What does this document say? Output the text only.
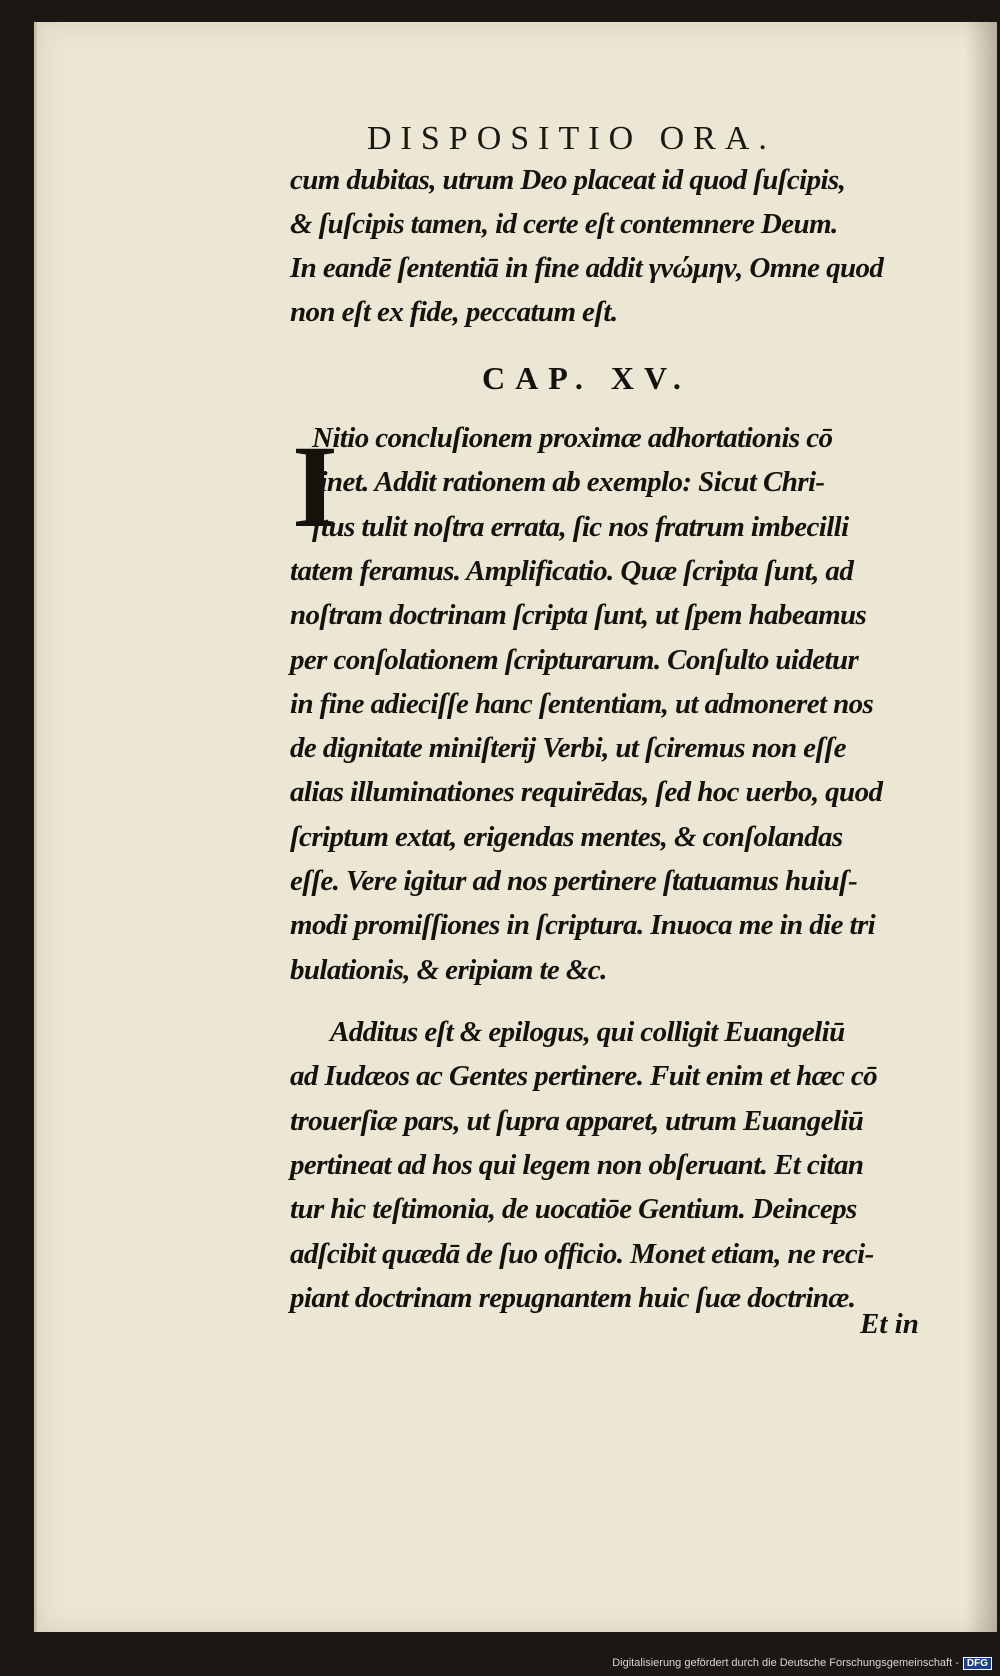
DISPOSITIO ORA.
cum dubitas, utrum Deo placeat id quod ſuſcipis,
& ſuſcipis tamen, id certe eſt contemnere Deum.
In eandē ſententiā in fine addit γνώμην, Omne quod
non eſt ex fide, peccatum eſt.
Nitio concluſionem proximæ adhortationis cō
tinet. Addit rationem ab exemplo: Sicut Chri-
ſtus tulit noſtra errata, ſic nos fratrum imbecilli
tatem feramus. Amplificatio. Quæ ſcripta ſunt, ad
noſtram doctrinam ſcripta ſunt, ut ſpem habeamus
per conſolationem ſcripturarum. Conſulto uidetur
in fine adieciſſe hanc ſententiam, ut admoneret nos
de dignitate miniſterij Verbi, ut ſciremus non eſſe
alias illuminationes requirēdas, ſed hoc uerbo, quod
ſcriptum extat, erigendas mentes, & conſolandas
eſſe. Vere igitur ad nos pertinere ſtatuamus huiuſ-
modi promiſſiones in ſcriptura. Inuoca me in die tri
bulationis, & eripiam te &c.
Additus eſt & epilogus, qui colligit Euangeliū
ad Iudæos ac Gentes pertinere. Fuit enim et hæc cō
trouerſiæ pars, ut ſupra apparet, utrum Euangeliū
pertineat ad hos qui legem non obſeruant. Et citan
tur hic teſtimonia, de uocatiōe Gentium. Deinceps
adſcibit quædā de ſuo officio. Monet etiam, ne reci-
piant doctrinam repugnantem huic ſuæ doctrinæ.
CAP. XV.
I
Et in
Digitalisierung gefördert durch die Deutsche Forschungsgemeinschaft - DFG
